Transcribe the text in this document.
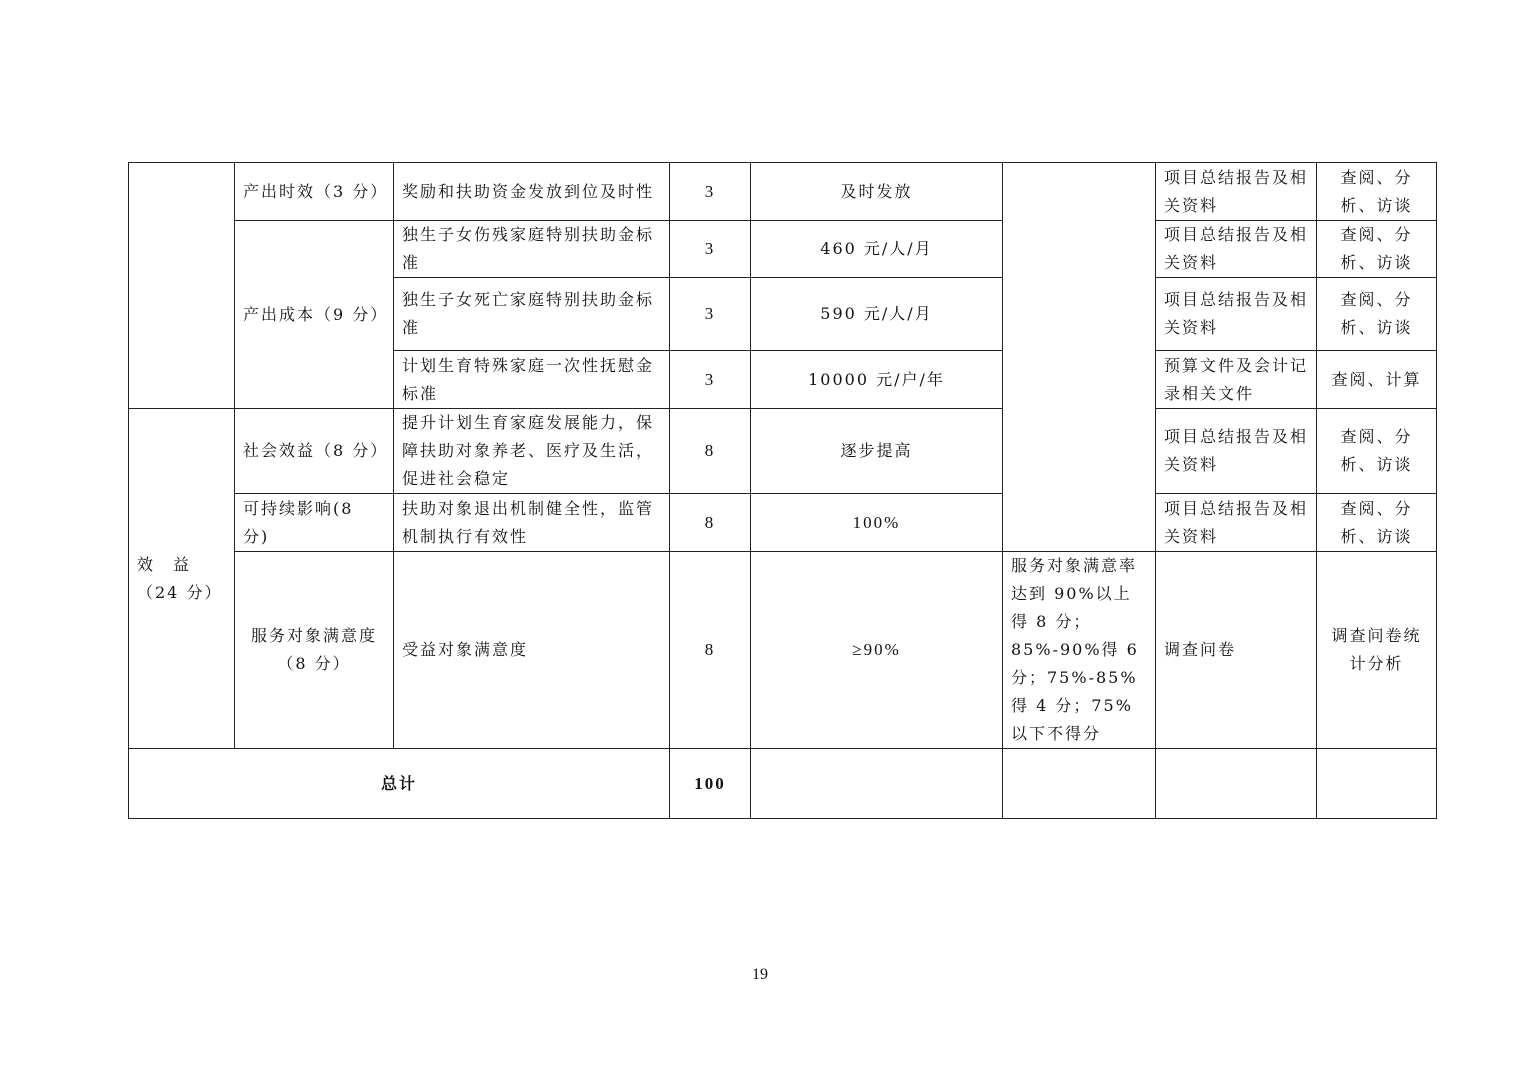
	产出时效（3 分）	奖励和扶助资金发放到位及时性	3	及时发放		项目总结报告及相关资料	查阅、分析、访谈
	产出成本（9 分）	独生子女伤残家庭特别扶助金标准	3	460 元/人/月		项目总结报告及相关资料	查阅、分析、访谈
		独生子女死亡家庭特别扶助金标准	3	590 元/人/月		项目总结报告及相关资料	查阅、分析、访谈
		计划生育特殊家庭一次性抚慰金标准	3	10000 元/户/年		预算文件及会计记录相关文件	查阅、计算
效　益（24 分）	社会效益（8 分）	提升计划生育家庭发展能力，保障扶助对象养老、医疗及生活，促进社会稳定	8	逐步提高		项目总结报告及相关资料	查阅、分析、访谈
	可持续影响(8 分)	扶助对象退出机制健全性，监管机制执行有效性	8	100%		项目总结报告及相关资料	查阅、分析、访谈
	服务对象满意度（8 分）	受益对象满意度	8	≥90%	服务对象满意率达到 90%以上得 8 分；85%-90%得 6 分；75%-85%得 4 分；75%以下不得分	调查问卷	调查问卷统计分析
总计			100				
19
